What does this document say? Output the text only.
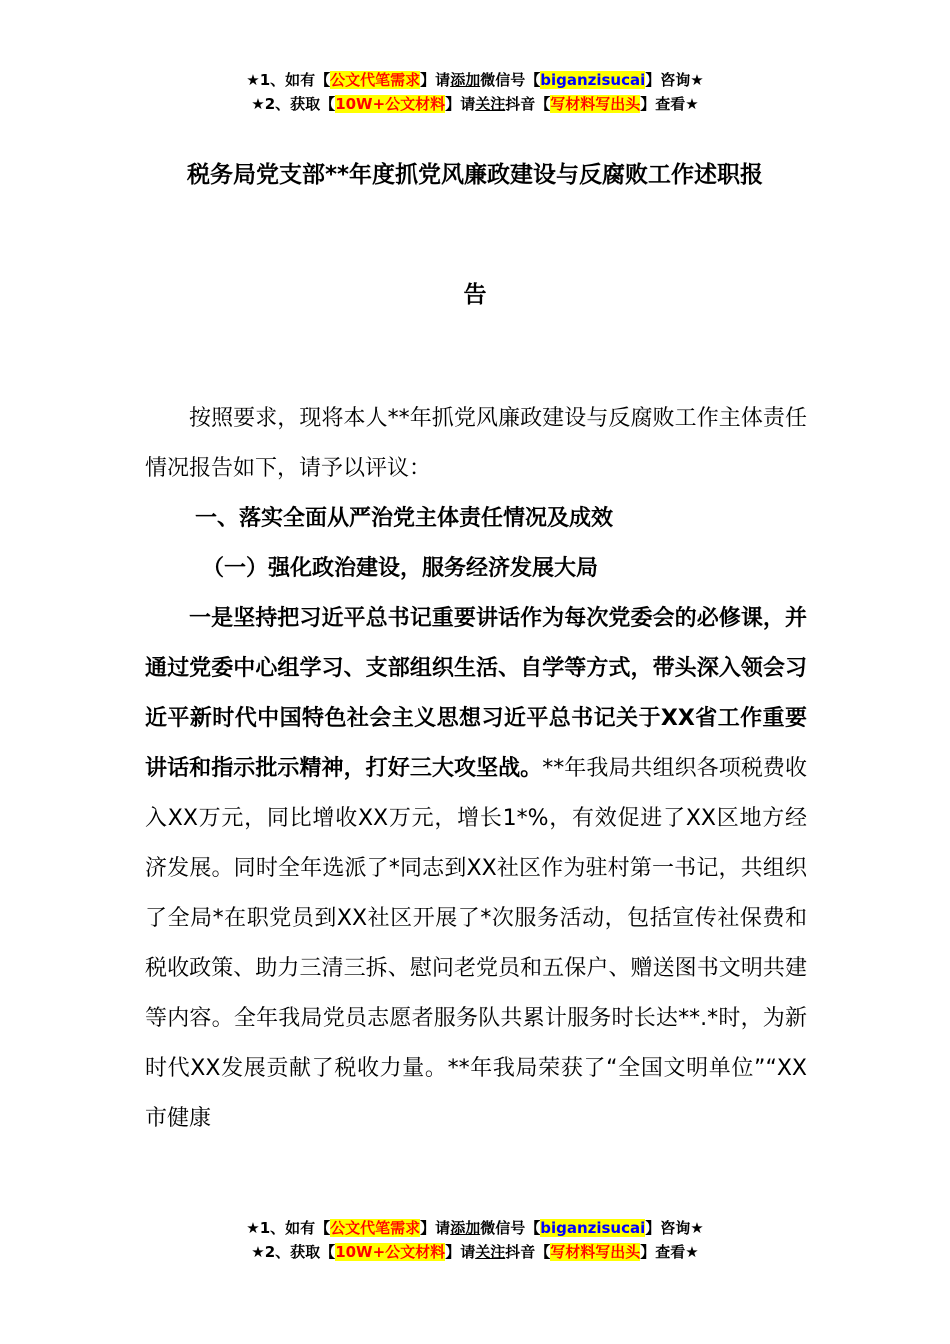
★1、如有【公文代笔需求】请添加微信号【biganzisucai】咨询★
★2、获取【10W+公文材料】请关注抖音【写材料写出头】查看★
税务局党支部**年度抓党风廉政建设与反腐败工作述职报
告

按照要求，现将本人**年抓党风廉政建设与反腐败工作主体责任情况报告如下，请予以评议：

一、落实全面从严治党主体责任情况及成效

（一）强化政治建设，服务经济发展大局

一是坚持把习近平总书记重要讲话作为每次党委会的必修课，并通过党委中心组学习、支部组织生活、自学等方式，带头深入领会习近平新时代中国特色社会主义思想习近平总书记关于XX省工作重要讲话和指示批示精神，打好三大攻坚战。**年我局共组织各项税费收入XX万元，同比增收XX万元，增长1*%，有效促进了XX区地方经济发展。同时全年选派了*同志到XX社区作为驻村第一书记，共组织了全局*在职党员到XX社区开展了*次服务活动，包括宣传社保费和税收政策、助力三清三拆、慰问老党员和五保户、赠送图书文明共建等内容。全年我局党员志愿者服务队共累计服务时长达**.*时，为新时代XX发展贡献了税收力量。**年我局荣获了“全国文明单位”“XX市健康

★1、如有【公文代笔需求】请添加微信号【biganzisucai】咨询★
★2、获取【10W+公文材料】请关注抖音【写材料写出头】查看★
